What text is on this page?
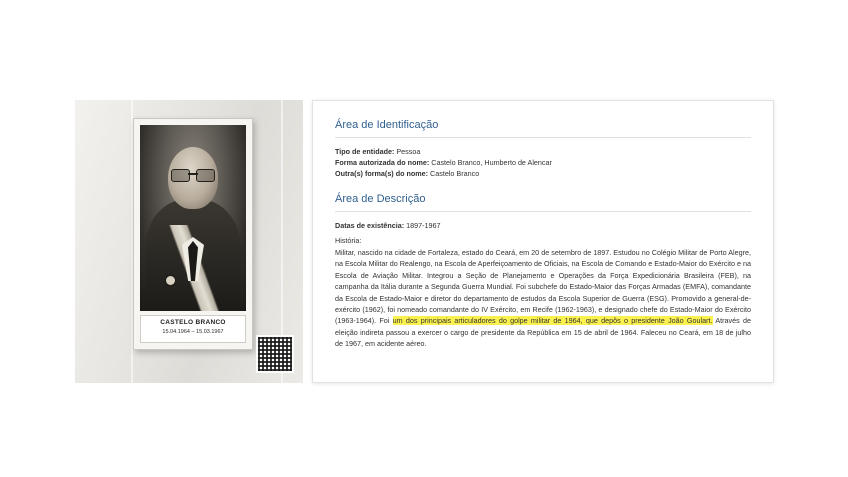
CASTELO BRANCO
15.04.1964 – 15.03.1967
Área de Identificação

Tipo de entidade: Pessoa

Forma autorizada do nome: Castelo Branco, Humberto de Alencar

Outra(s) forma(s) do nome: Castelo Branco

Área de Descrição

Datas de existência: 1897-1967

História:

Militar, nascido na cidade de Fortaleza, estado do Ceará, em 20 de setembro de 1897. Estudou no Colégio Militar de Porto Alegre, na Escola Militar do Realengo, na Escola de Aperfeiçoamento de Oficiais, na Escola de Comando e Estado-Maior do Exército e na Escola de Aviação Militar. Integrou a Seção de Planejamento e Operações da Força Expedicionária Brasileira (FEB), na campanha da Itália durante a Segunda Guerra Mundial. Foi subchefe do Estado-Maior das Forças Armadas (EMFA), comandante da Escola de Estado-Maior e diretor do departamento de estudos da Escola Superior de Guerra (ESG). Promovido a general-de-exército (1962), foi nomeado comandante do IV Exército, em Recife (1962-1963), e designado chefe do Estado-Maior do Exército (1963-1964). Foi um dos principais articuladores do golpe militar de 1964, que depôs o presidente João Goulart. Através de eleição indireta passou a exercer o cargo de presidente da República em 15 de abril de 1964. Faleceu no Ceará, em 18 de julho de 1967, em acidente aéreo.
